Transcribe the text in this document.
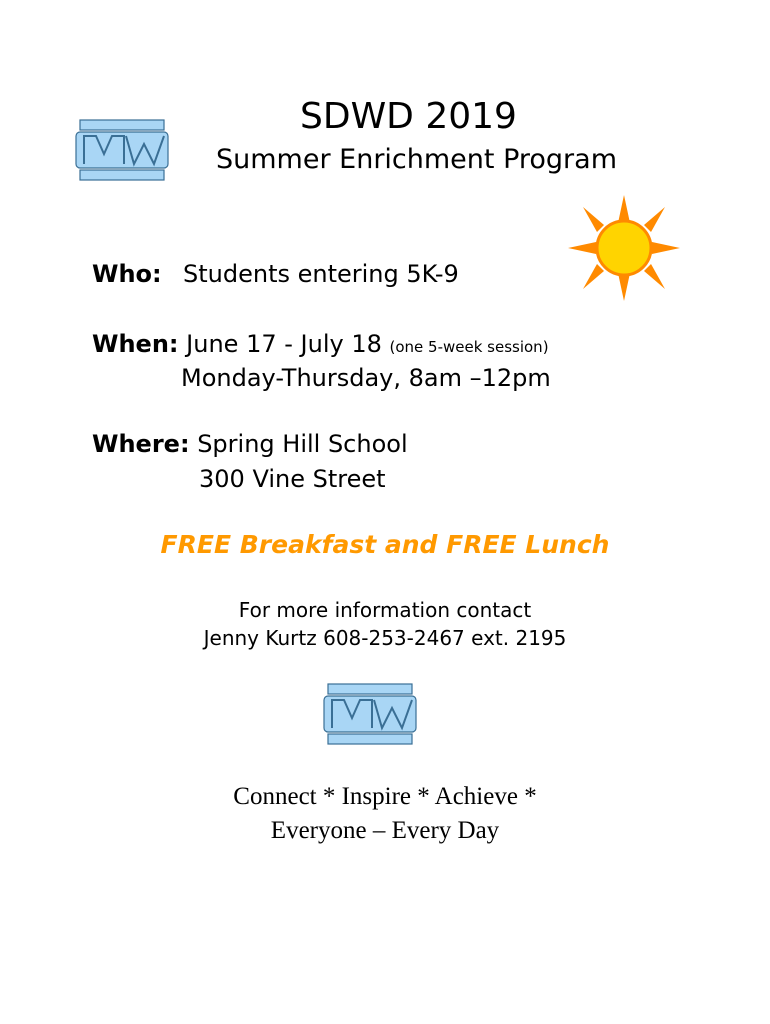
SDWD 2019
Summer Enrichment Program
Who: Students entering 5K-9
When: June 17 - July 18 (one 5-week session)
Monday-Thursday, 8am –12pm
Where: Spring Hill School
300 Vine Street
FREE Breakfast and FREE Lunch
For more information contact
Jenny Kurtz 608-253-2467 ext. 2195
Connect * Inspire * Achieve *
Everyone – Every Day
